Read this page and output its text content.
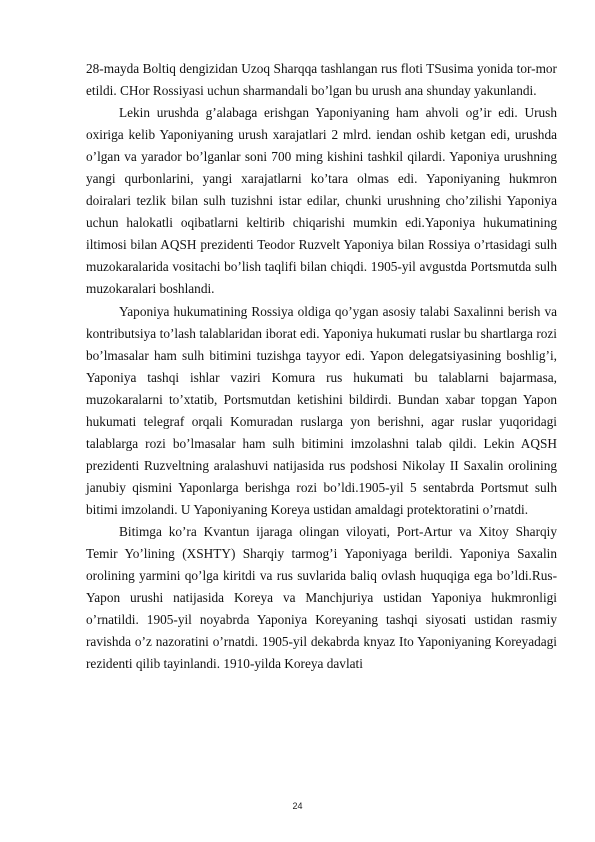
28-mayda Boltiq dengizidan Uzoq Sharqqa tashlangan rus floti TSusima yonida tor-mor etildi. CHor Rossiyasi uchun sharmandali bo’lgan bu urush ana shunday yakunlandi.

Lekin urushda g’alabaga erishgan Yaponiyaning ham ahvoli og’ir edi. Urush oxiriga kelib Yaponiyaning urush xarajatlari 2 mlrd. iendan oshib ketgan edi, urushda o’lgan va yarador bo’lganlar soni 700 ming kishini tashkil qilardi. Yaponiya urushning yangi qurbonlarini, yangi xarajatlarni ko’tara olmas edi. Yaponiyaning hukmron doiralari tezlik bilan sulh tuzishni istar edilar, chunki urushning cho’zilishi Yaponiya uchun halokatli oqibatlarni keltirib chiqarishi mumkin edi.Yaponiya hukumatining iltimosi bilan AQSH prezidenti Teodor Ruzvelt Yaponiya bilan Rossiya o’rtasidagi sulh muzokaralarida vositachi bo’lish taqlifi bilan chiqdi. 1905-yil avgustda Portsmutda sulh muzokaralari boshlandi.

Yaponiya hukumatining Rossiya oldiga qo’ygan asosiy talabi Saxalinni berish va kontributsiya to’lash talablaridan iborat edi. Yaponiya hukumati ruslar bu shartlarga rozi bo’lmasalar ham sulh bitimini tuzishga tayyor edi. Yapon delegatsiyasining boshlig’i, Yaponiya tashqi ishlar vaziri Komura rus hukumati bu talablarni bajarmasa, muzokaralarni to’xtatib, Portsmutdan ketishini bildirdi. Bundan xabar topgan Yapon hukumati telegraf orqali Komuradan ruslarga yon berishni, agar ruslar yuqoridagi talablarga rozi bo’lmasalar ham sulh bitimini imzolashni talab qildi. Lekin AQSH prezidenti Ruzveltning aralashuvi natijasida rus podshosi Nikolay II Saxalin orolining janubiy qismini Yaponlarga berishga rozi bo’ldi.1905-yil 5 sentabrda Portsmut sulh bitimi imzolandi. U Yaponiyaning Koreya ustidan amaldagi protektoratini o’rnatdi.

Bitimga ko’ra Kvantun ijaraga olingan viloyati, Port-Artur va Xitoy Sharqiy Temir Yo’lining (XSHTY) Sharqiy tarmog’i Yaponiyaga berildi. Yaponiya Saxalin orolining yarmini qo’lga kiritdi va rus suvlarida baliq ovlash huquqiga ega bo’ldi.Rus-Yapon urushi natijasida Koreya va Manchjuriya ustidan Yaponiya hukmronligi o’rnatildi. 1905-yil noyabrda Yaponiya Koreyaning tashqi siyosati ustidan rasmiy ravishda o’z nazoratini o’rnatdi. 1905-yil dekabrda knyaz Ito Yaponiyaning Koreyadagi rezidenti qilib tayinlandi. 1910-yilda Koreya davlati

24
